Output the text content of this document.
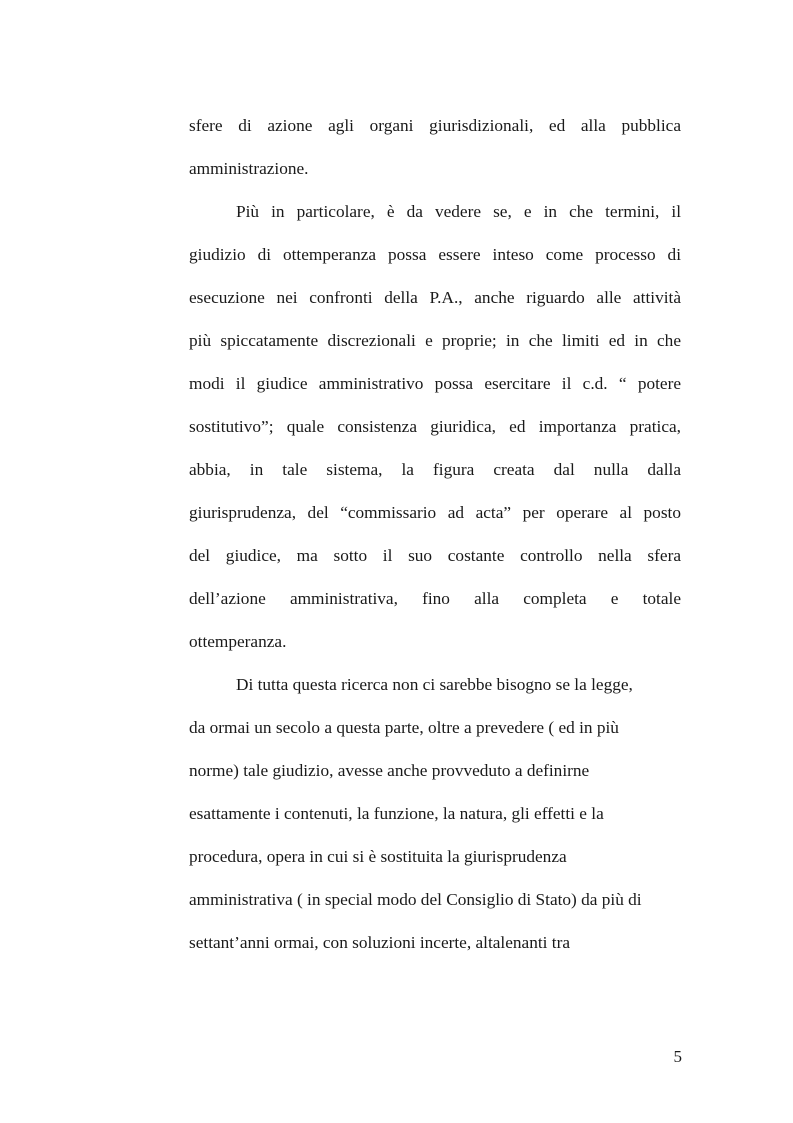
sfere di azione agli organi giurisdizionali, ed alla pubblica
amministrazione.
Più in particolare, è da vedere se, e in che termini, il
giudizio di ottemperanza possa essere inteso come processo di
esecuzione nei confronti della P.A., anche riguardo alle attività
più spiccatamente discrezionali e proprie; in che limiti ed in che
modi il giudice amministrativo possa esercitare il c.d. “ potere
sostitutivo”; quale consistenza giuridica, ed importanza pratica,
abbia, in tale sistema, la figura creata dal nulla dalla
giurisprudenza, del “commissario ad acta” per operare al posto
del giudice, ma sotto il suo costante controllo nella sfera
dell’azione amministrativa, fino alla completa e totale
ottemperanza.
Di tutta questa ricerca non ci sarebbe bisogno se la legge,
da ormai un secolo a questa parte, oltre a prevedere ( ed in più
norme) tale giudizio, avesse anche provveduto a definirne
esattamente i contenuti, la funzione, la natura, gli effetti e la
procedura, opera in cui si è sostituita la giurisprudenza
amministrativa ( in special modo del Consiglio di Stato) da più di
settant’anni ormai, con soluzioni incerte, altalenanti tra
5
